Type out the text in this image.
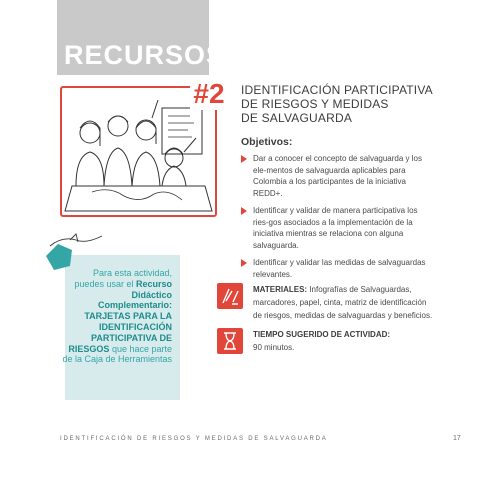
RECURSOS
#2 IDENTIFICACIÓN PARTICIPATIVA
DE RIESGOS Y MEDIDAS
DE SALVAGUARDA
Objetivos:
Dar a conocer el concepto de salvaguarda y los ele-mentos de salvaguarda aplicables para Colombia a los participantes de la iniciativa REDD+.
Identificar y validar de manera participativa los ries-gos asociados a la implementación de la iniciativa mientras se relaciona con alguna salvaguarda.
Identificar y validar las medidas de salvaguardas relevantes.
MATERIALES: Infografías de Salvaguardas, marcadores, papel, cinta, matriz de identificación de riesgos, medidas de salvaguardas y beneficios.
TIEMPO SUGERIDO DE ACTIVIDAD:
90 minutos.
Para esta actividad, puedes usar el Recurso Didáctico Complementario: TARJETAS PARA LA IDENTIFICACIÓN PARTICIPATIVA DE RIESGOS que hace parte de la Caja de Herramientas
IDENTIFICACIÓN DE RIESGOS Y MEDIDAS DE SALVAGUARDA	17
